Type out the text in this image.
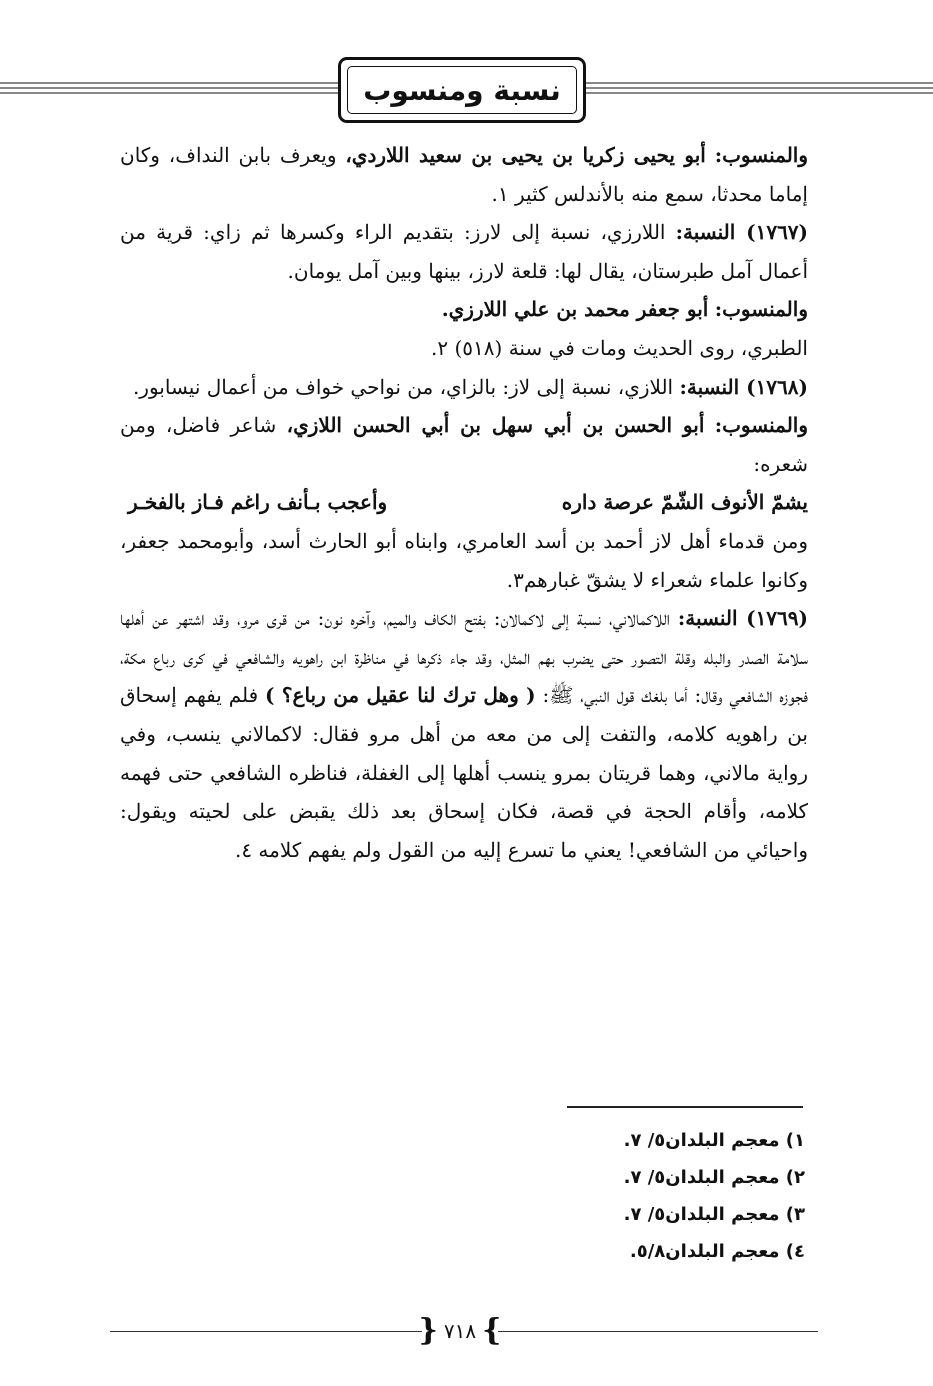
نسبة ومنسوب

والمنسوب: أبو يحيى زكريا بن يحيى بن سعيد اللاردي، ويعرف بابن النداف، وكان إماما محدثا، سمع منه بالأندلس كثير ١.

(١٧٦٧) النسبة: اللارزي، نسبة إلى لارز: بتقديم الراء وكسرها ثم زاي: قرية من أعمال آمل طبرستان، يقال لها: قلعة لارز، بينها وبين آمل يومان.

والمنسوب: أبو جعفر محمد بن علي اللارزي.

الطبري، روى الحديث ومات في سنة (٥١٨) ٢.

(١٧٦٨) النسبة: اللازي، نسبة إلى لاز: بالزاي، من نواحي خواف من أعمال نيسابور.

والمنسوب: أبو الحسن بن أبي سهل بن أبي الحسن اللازي، شاعر فاضل، ومن شعره:

يشمّ الأنوف الشّمّ عرصة داره
وأعجب بـأنف راغم فـاز بالفخـر

ومن قدماء أهل لاز أحمد بن أسد العامري، وابناه أبو الحارث أسد، وأبومحمد جعفر، وكانوا علماء شعراء لا يشقّ غبارهم٣.

(١٧٦٩) النسبة: اللاكمالاني، نسبة إلى لاكمالان: بفتح الكاف والميم، وآخره نون: من قرى مرو، وقد اشتهر عن أهلها سلامة الصدر والبله وقلة التصور حتى يضرب بهم المثل، وقد جاء ذكرها في مناظرة ابن راهويه والشافعي في كرى رباع مكة، فجوزه الشافعي وقال: أما بلغك قول النبي، ﷺ: ( وهل ترك لنا عقيل من رباع؟ ) فلم يفهم إسحاق بن راهويه كلامه، والتفت إلى من معه من أهل مرو فقال: لاكمالاني ينسب، وفي رواية مالاني، وهما قريتان بمرو ينسب أهلها إلى الغفلة، فناظره الشافعي حتى فهمه كلامه، وأقام الحجة في قصة، فكان إسحاق بعد ذلك يقبض على لحيته ويقول: واحيائي من الشافعي! يعني ما تسرع إليه من القول ولم يفهم كلامه ٤.

١) معجم البلدان٥/ ٧.
٢) معجم البلدان٥/ ٧.
٣) معجم البلدان٥/ ٧.
٤) معجم البلدان٥/٨.
}
٧١٨
{
